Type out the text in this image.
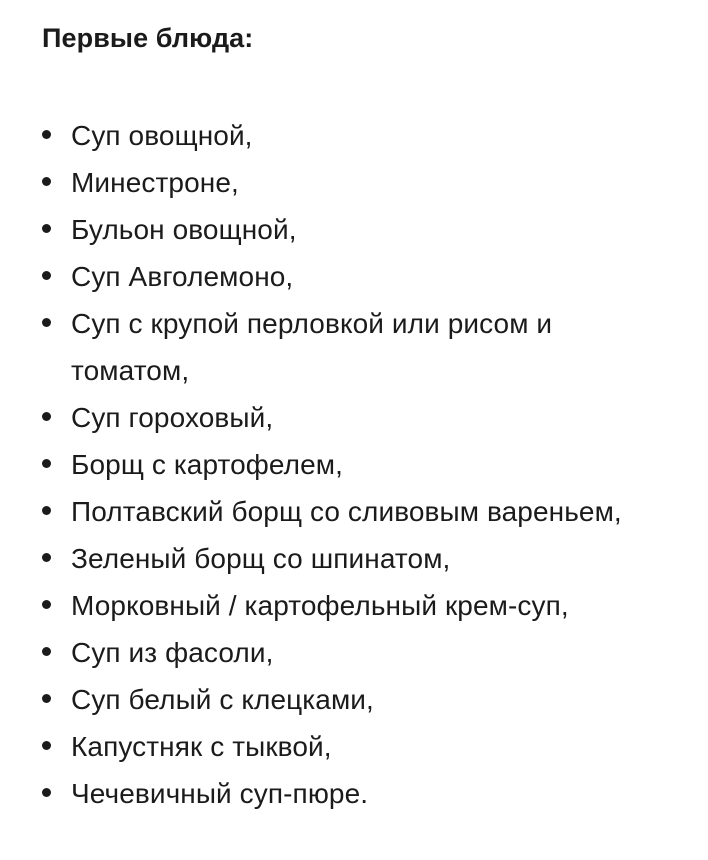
Первые блюда:
Суп овощной,
Минестроне,
Бульон овощной,
Суп Авголемоно,
Суп с крупой перловкой или рисом и томатом,
Суп гороховый,
Борщ с картофелем,
Полтавский борщ со сливовым вареньем,
Зеленый борщ со шпинатом,
Морковный / картофельный крем-суп,
Суп из фасоли,
Суп белый с клецками,
Капустняк с тыквой,
Чечевичный суп-пюре.
